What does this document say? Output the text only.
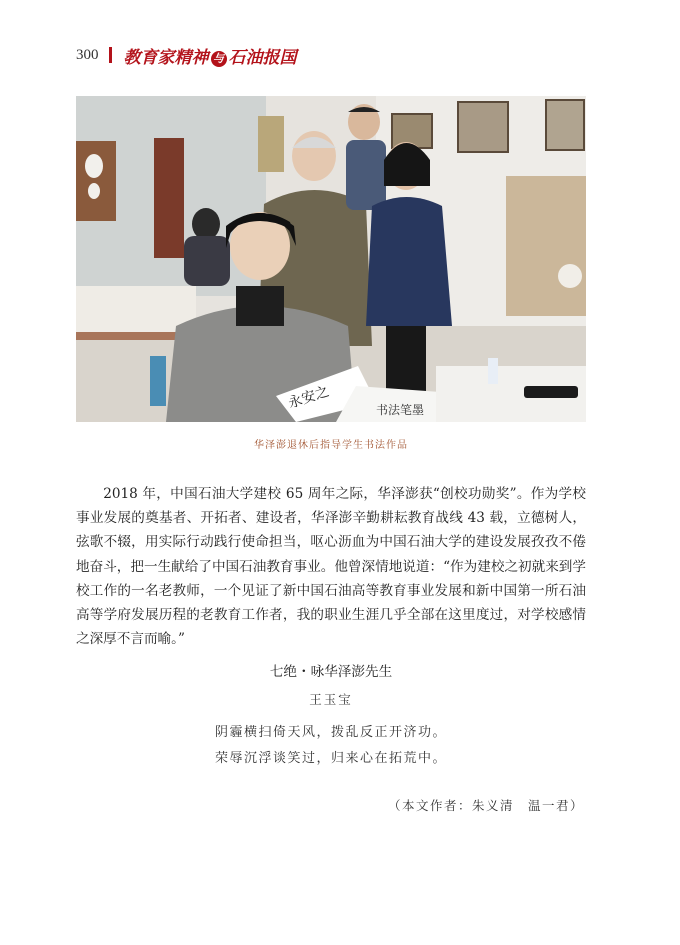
300 教育家精神 与 石油报国
永安之	书法笔墨
华泽澎退休后指导学生书法作品

2018 年，中国石油大学建校 65 周年之际，华泽澎获“创校功勋奖”。作为学校事业发展的奠基者、开拓者、建设者，华泽澎辛勤耕耘教育战线 43 载，立德树人，弦歌不辍，用实际行动践行使命担当，呕心沥血为中国石油大学的建设发展孜孜不倦地奋斗，把一生献给了中国石油教育事业。他曾深情地说道：“作为建校之初就来到学校工作的一名老教师，一个见证了新中国石油高等教育事业发展和新中国第一所石油高等学府发展历程的老教育工作者，我的职业生涯几乎全部在这里度过，对学校感情之深厚不言而喻。”

七绝・咏华泽澎先生
王玉宝
阴霾横扫倚天风，拨乱反正开济功。
荣辱沉浮谈笑过，归来心在拓荒中。
（本文作者：朱义清　温一君）
